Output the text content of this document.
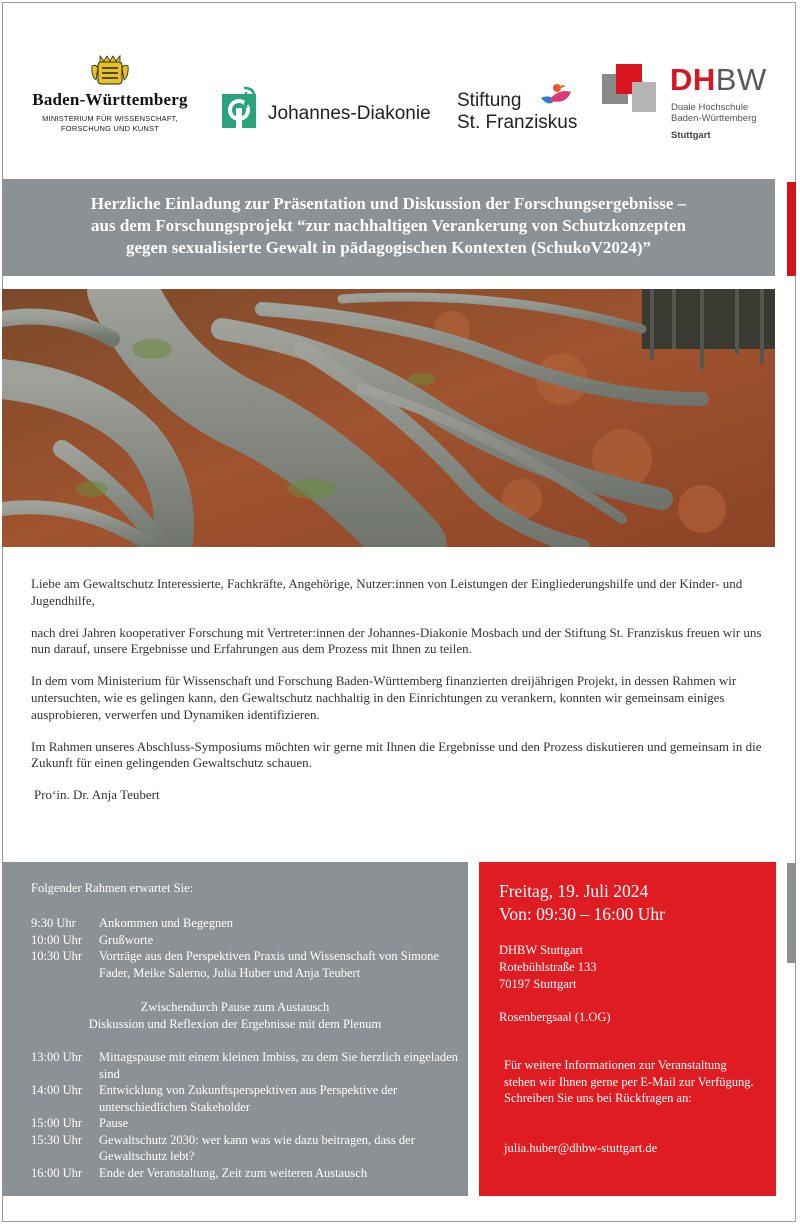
Baden-Württemberg
MINISTERIUM FÜR WISSENSCHAFT,
FORSCHUNG UND KUNST
Johannes-Diakonie
Stiftung
St. Franziskus
DHBW
Duale Hochschule
Baden-Württemberg
Stuttgart
Herzliche Einladung zur Präsentation und Diskussion der Forschungsergebnisse –
aus dem Forschungsprojekt “zur nachhaltigen Verankerung von Schutzkonzepten
gegen sexualisierte Gewalt in pädagogischen Kontexten (SchukoV2024)”

Liebe am Gewaltschutz Interessierte, Fachkräfte, Angehörige, Nutzer:innen von Leistungen der Eingliederungshilfe und der Kinder- und Jugendhilfe,

nach drei Jahren kooperativer Forschung mit Vertreter:innen der Johannes-Diakonie Mosbach und der Stiftung St. Franziskus freuen wir uns nun darauf, unsere Ergebnisse und Erfahrungen aus dem Prozess mit Ihnen zu teilen.

In dem vom Ministerium für Wissenschaft und Forschung Baden-Württemberg finanzierten dreijährigen Projekt, in dessen Rahmen wir untersuchten, wie es gelingen kann, den Gewaltschutz nachhaltig in den Einrichtungen zu verankern, konnten wir gemeinsam einiges ausprobieren, verwerfen und Dynamiken identifizieren.

Im Rahmen unseres Abschluss-Symposiums möchten wir gerne mit Ihnen die Ergebnisse und den Prozess diskutieren und gemeinsam in die Zukunft für einen gelingenden Gewaltschutz schauen.

Pro‘in. Dr. Anja Teubert

Folgender Rahmen erwartet Sie:
9:30 Uhr	Ankommen und Begegnen
10:00 Uhr	Grußworte
10:30 Uhr	Vorträge aus den Perspektiven Praxis und Wissenschaft von Simone Fader, Meike Salerno, Julia Huber und Anja Teubert
Zwischendurch Pause zum Austausch
Diskussion und Reflexion der Ergebnisse mit dem Plenum
13:00 Uhr	Mittagspause mit einem kleinen Imbiss, zu dem Sie herzlich eingeladen sind
14:00 Uhr	Entwicklung von Zukunftsperspektiven aus Perspektive der unterschiedlichen Stakeholder
15:00 Uhr	Pause
15:30 Uhr	Gewaltschutz 2030: wer kann was wie dazu beitragen, dass der Gewaltschutz lebt?
16:00 Uhr	Ende der Veranstaltung, Zeit zum weiteren Austausch
Freitag, 19. Juli 2024
Von: 09:30 – 16:00 Uhr
DHBW Stuttgart
Rotebühlstraße 133
70197 Stuttgart
Rosenbergsaal (1.OG)
Für weitere Informationen zur Veranstaltung stehen wir Ihnen gerne per E-Mail zur Verfügung. Schreiben Sie uns bei Rückfragen an:
julia.huber@dhbw-stuttgart.de
